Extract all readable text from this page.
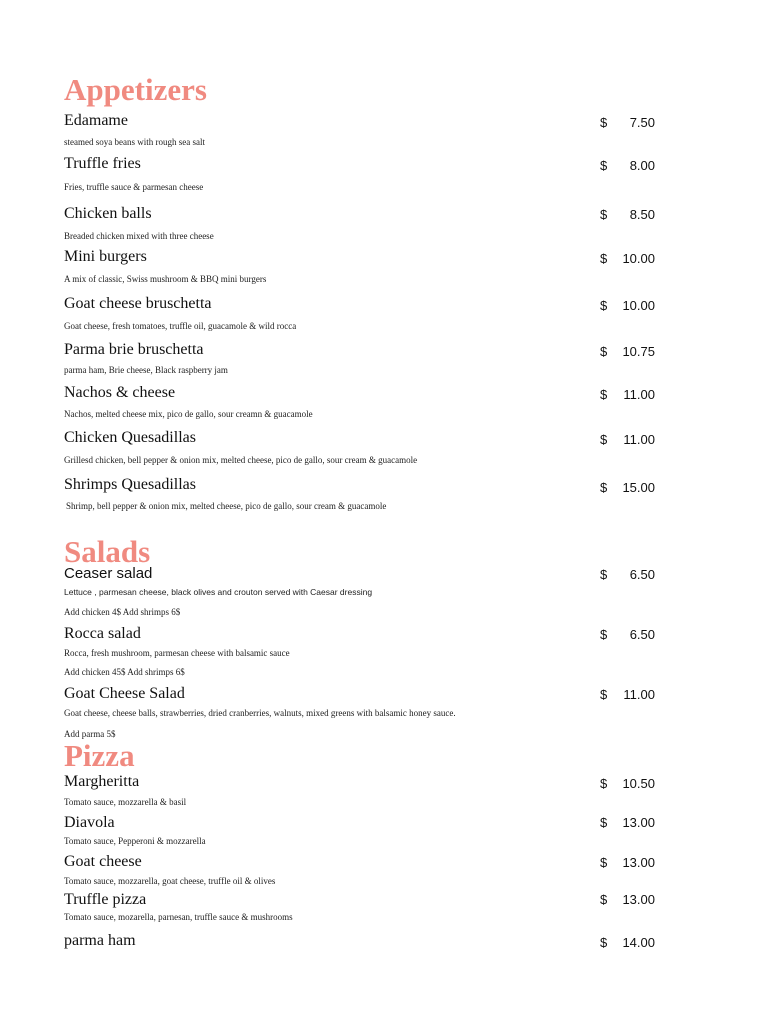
Appetizers
Edamame	$	7.50
steamed soya beans with rough sea salt
Truffle fries	$	8.00
Fries, truffle sauce & parmesan cheese
Chicken balls	$	8.50
Breaded chicken mixed with three cheese
Mini burgers	$	10.00
A mix of classic, Swiss mushroom & BBQ mini burgers
Goat cheese bruschetta	$	10.00
Goat cheese, fresh tomatoes, truffle oil, guacamole & wild rocca
Parma brie bruschetta	$	10.75
parma ham, Brie cheese, Black raspberry jam
Nachos & cheese	$	11.00
Nachos, melted cheese mix, pico de gallo, sour creamn & guacamole
Chicken Quesadillas	$	11.00
Grillesd chicken, bell pepper & onion mix, melted cheese, pico de gallo, sour cream & guacamole
Shrimps Quesadillas	$	15.00
Shrimp, bell pepper & onion mix, melted cheese, pico de gallo, sour cream & guacamole
Salads
Ceaser salad	$	6.50
Lettuce , parmesan cheese, black olives and crouton served with Caesar dressing
Add chicken 4$ Add shrimps 6$
Rocca salad	$	6.50
Rocca, fresh mushroom, parmesan cheese with balsamic sauce
Add chicken 45$ Add shrimps 6$
Goat Cheese Salad	$	11.00
Goat cheese, cheese balls, strawberries, dried cranberries, walnuts, mixed greens with balsamic honey sauce.
Add parma 5$
Pizza
Margheritta	$	10.50
Tomato sauce, mozzarella & basil
Diavola	$	13.00
Tomato sauce, Pepperoni & mozzarella
Goat cheese	$	13.00
Tomato sauce, mozzarella, goat cheese, truffle oil & olives
Truffle pizza	$	13.00
Tomato sauce, mozarella, parnesan, truffle sauce & mushrooms
parma ham	$	14.00
